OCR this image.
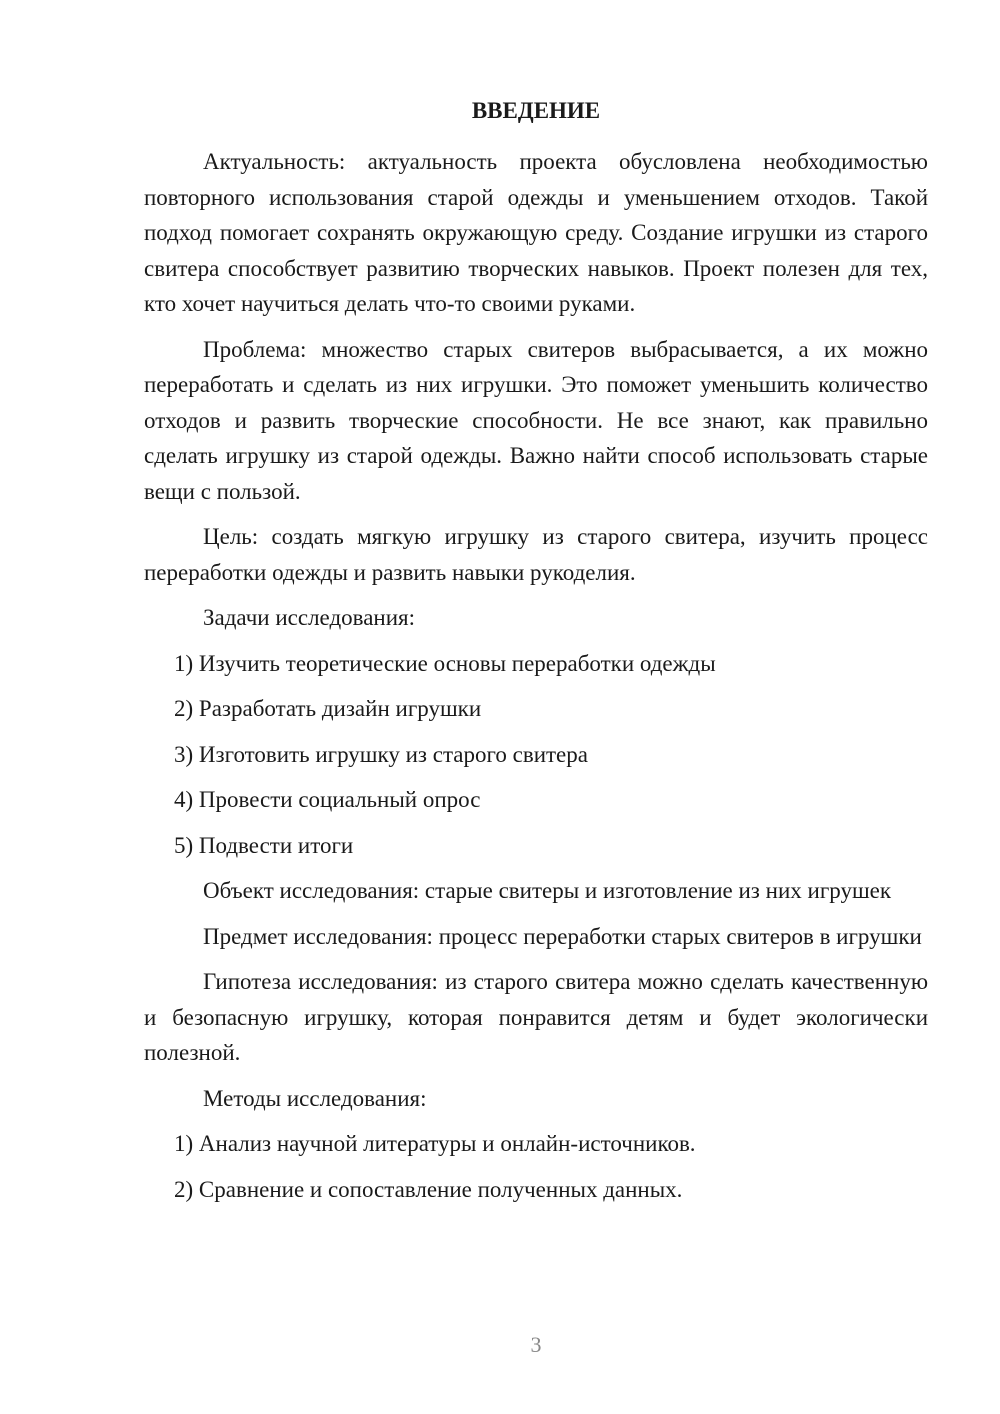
ВВЕДЕНИЕ

Актуальность: актуальность проекта обусловлена необходимостью повторного использования старой одежды и уменьшением отходов. Такой подход помогает сохранять окружающую среду. Создание игрушки из старого свитера способствует развитию творческих навыков. Проект полезен для тех, кто хочет научиться делать что-то своими руками.

Проблема: множество старых свитеров выбрасывается, а их можно переработать и сделать из них игрушки. Это поможет уменьшить количество отходов и развить творческие способности. Не все знают, как правильно сделать игрушку из старой одежды. Важно найти способ использовать старые вещи с пользой.

Цель: создать мягкую игрушку из старого свитера, изучить процесс переработки одежды и развить навыки рукоделия.

Задачи исследования:

1) Изучить теоретические основы переработки одежды
2) Разработать дизайн игрушки
3) Изготовить игрушку из старого свитера
4) Провести социальный опрос
5) Подвести итоги

Объект исследования: старые свитеры и изготовление из них игрушек

Предмет исследования: процесс переработки старых свитеров в игрушки

Гипотеза исследования: из старого свитера можно сделать качественную и безопасную игрушку, которая понравится детям и будет экологически полезной.

Методы исследования:

1) Анализ научной литературы и онлайн-источников.
2) Сравнение и сопоставление полученных данных.
3
